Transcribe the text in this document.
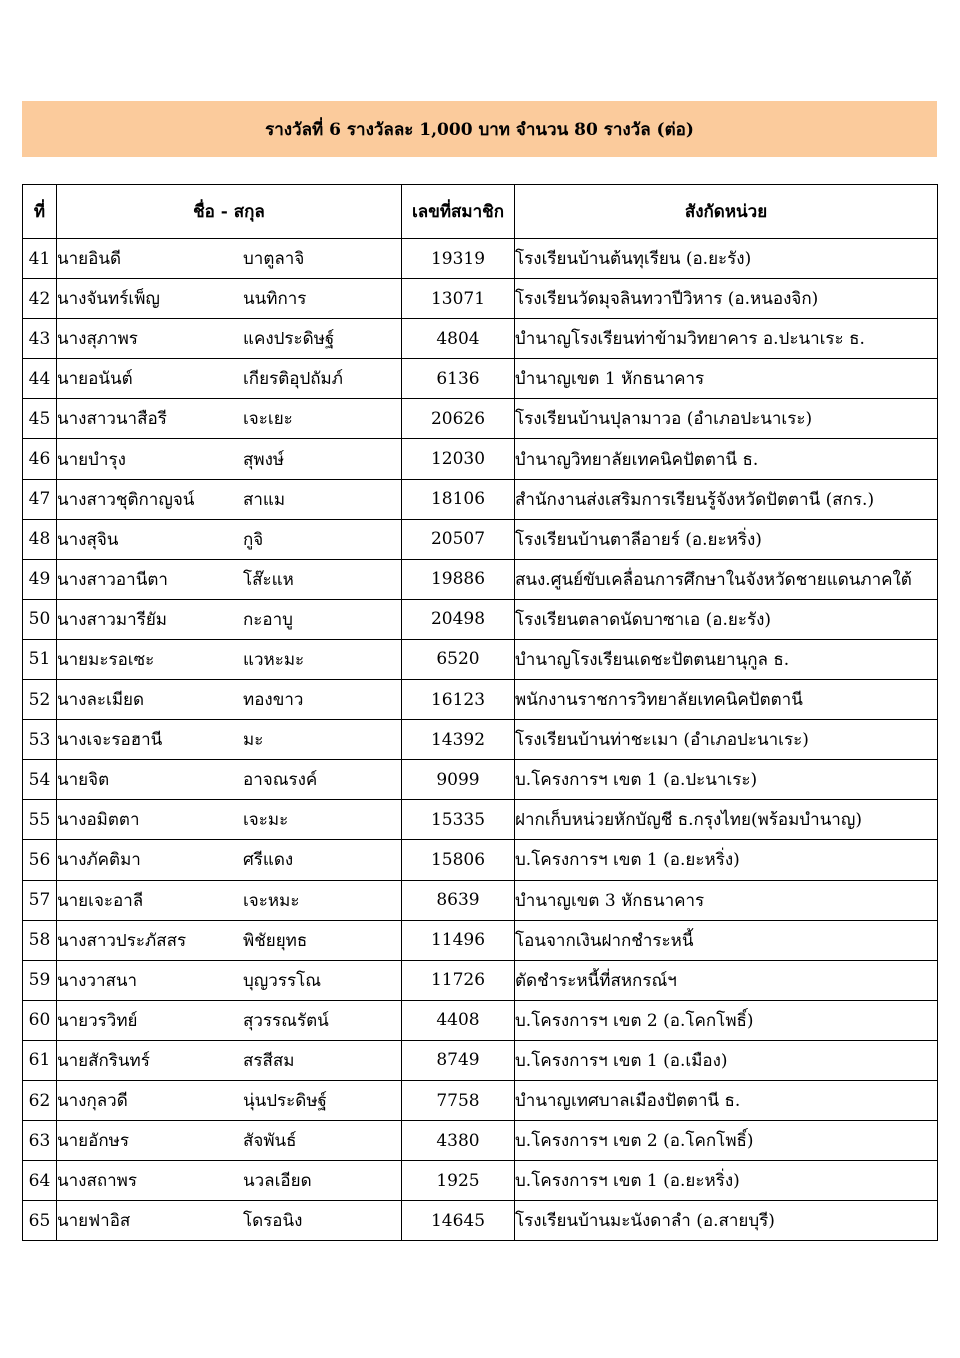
รางวัลที่ 6 รางวัลละ 1,000 บาท จำนวน 80 รางวัล (ต่อ)
ที่	ชื่อ - สกุล	เลขที่สมาชิก	สังกัดหน่วย
41	นายอินดี บาตูลาจิ	19319	โรงเรียนบ้านต้นทุเรียน (อ.ยะรัง)
42	นางจันทร์เพ็ญ นนทิการ	13071	โรงเรียนวัดมุจลินทวาปีวิหาร (อ.หนองจิก)
43	นางสุภาพร แคงประดิษฐ์	4804	บำนาญโรงเรียนท่าข้ามวิทยาคาร อ.ปะนาเระ ธ.
44	นายอนันต์ เกียรติอุปถัมภ์	6136	บำนาญเขต 1 หักธนาคาร
45	นางสาวนาสือรี เจะเยะ	20626	โรงเรียนบ้านปุลามาวอ (อำเภอปะนาเระ)
46	นายบำรุง สุพงษ์	12030	บำนาญวิทยาลัยเทคนิคปัตตานี ธ.
47	นางสาวชุติกาญจน์ สาแม	18106	สำนักงานส่งเสริมการเรียนรู้จังหวัดปัตตานี (สกร.)
48	นางสุจิน กูจิ	20507	โรงเรียนบ้านตาลีอายร์ (อ.ยะหริ่ง)
49	นางสาวอานีตา โส๊ะแห	19886	สนง.ศูนย์ขับเคลื่อนการศึกษาในจังหวัดชายแดนภาคใต้
50	นางสาวมารียัม กะอาบู	20498	โรงเรียนตลาดนัดบาซาเอ (อ.ยะรัง)
51	นายมะรอเซะ แวหะมะ	6520	บำนาญโรงเรียนเดชะปัตตนยานุกูล ธ.
52	นางละเมียด ทองขาว	16123	พนักงานราชการวิทยาลัยเทคนิคปัตตานี
53	นางเจะรอฮานี มะ	14392	โรงเรียนบ้านท่าชะเมา (อำเภอปะนาเระ)
54	นายจิต อาจณรงค์	9099	บ.โครงการฯ เขต 1 (อ.ปะนาเระ)
55	นางอมิตตา เจะมะ	15335	ฝากเก็บหน่วยหักบัญชี ธ.กรุงไทย(พร้อมบำนาญ)
56	นางภัคติมา ศรีแดง	15806	บ.โครงการฯ เขต 1 (อ.ยะหริ่ง)
57	นายเจะอาลี เจะหมะ	8639	บำนาญเขต 3 หักธนาคาร
58	นางสาวประภัสสร พิชัยยุทธ	11496	โอนจากเงินฝากชำระหนี้
59	นางวาสนา บุญวรรโณ	11726	ตัดชำระหนี้ที่สหกรณ์ฯ
60	นายวรวิทย์ สุวรรณรัตน์	4408	บ.โครงการฯ เขต 2 (อ.โคกโพธิ์)
61	นายสักรินทร์ สรสีสม	8749	บ.โครงการฯ เขต 1 (อ.เมือง)
62	นางกุลวดี นุ่นประดิษฐ์	7758	บำนาญเทศบาลเมืองปัตตานี ธ.
63	นายอักษร สัจพันธ์	4380	บ.โครงการฯ เขต 2 (อ.โคกโพธิ์)
64	นางสถาพร นวลเอียด	1925	บ.โครงการฯ เขต 1 (อ.ยะหริ่ง)
65	นายฟาอิส โดรอนิง	14645	โรงเรียนบ้านมะนังดาลำ (อ.สายบุรี)
